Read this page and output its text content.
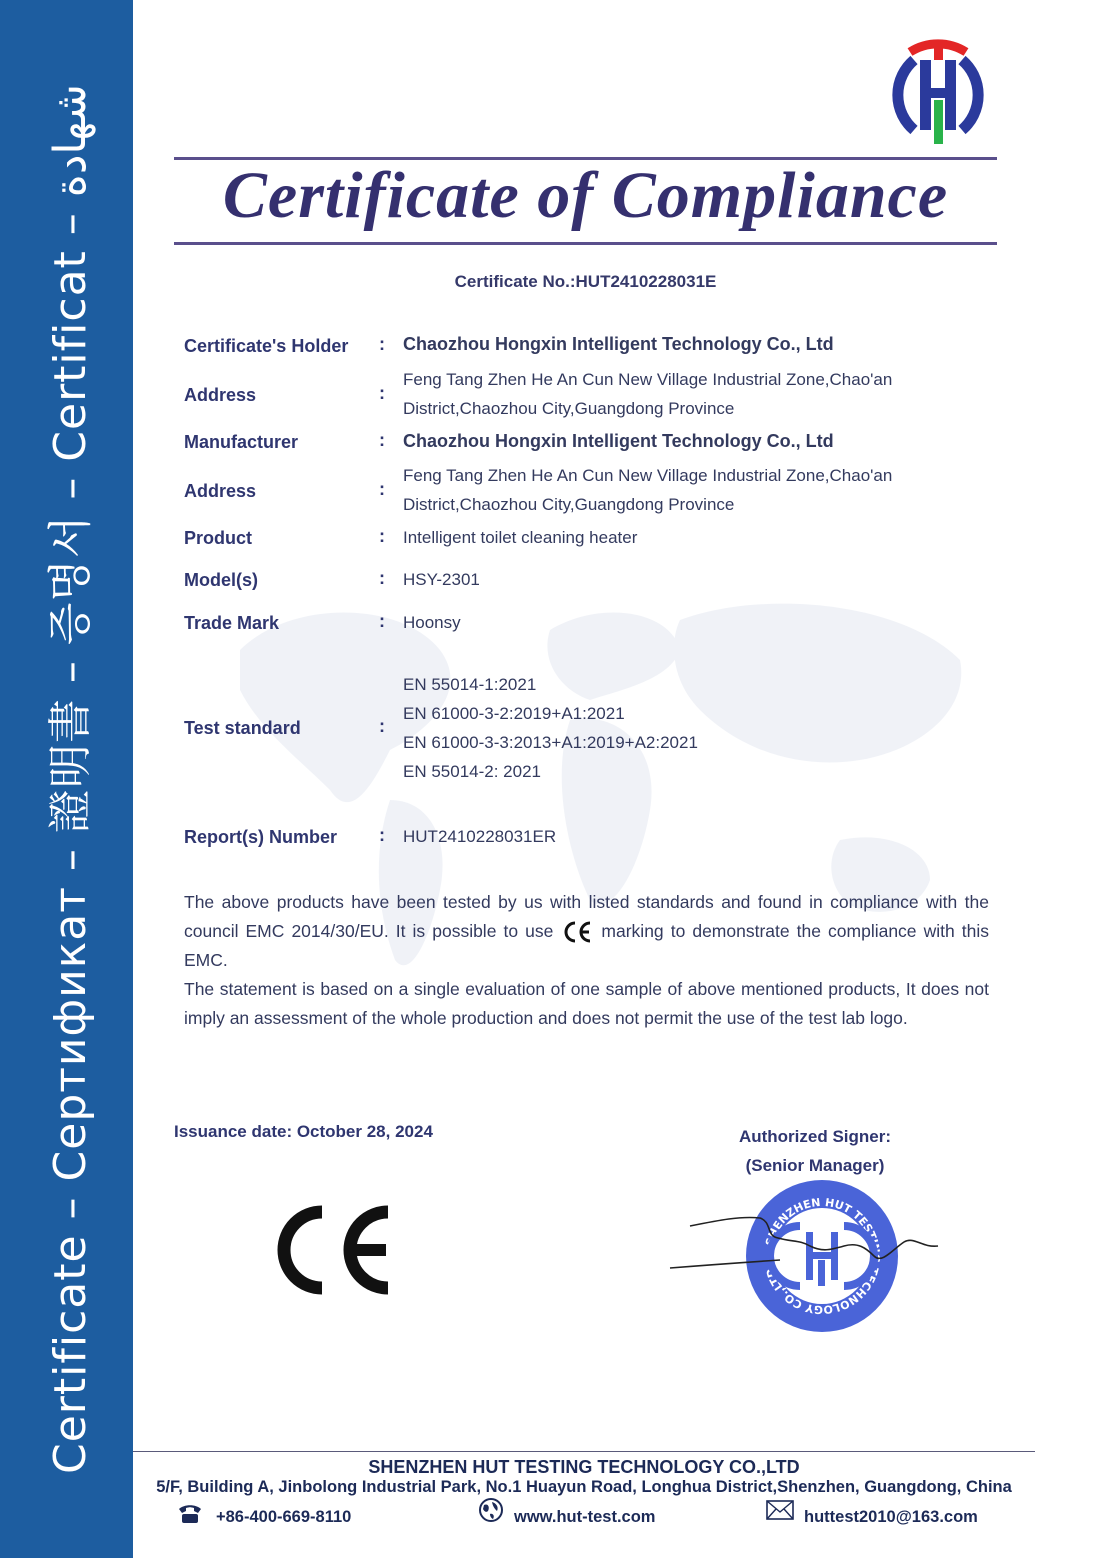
Certificate – Сертификат – 證明書 – 증명서 – Certificat – شهادة	Certificate of Compliance
Certificate No.:HUT2410228031E
Certificate's Holder : Chaozhou Hongxin Intelligent Technology Co., Ltd
Address	:
Feng Tang Zhen He An Cun New Village Industrial Zone,Chao'an
District,Chaozhou City,Guangdong Province
Manufacturer	: Chaozhou Hongxin Intelligent Technology Co., Ltd
Address	:
Feng Tang Zhen He An Cun New Village Industrial Zone,Chao'an
District,Chaozhou City,Guangdong Province
Product	: Intelligent toilet cleaning heater
Model(s)	: HSY-2301
Trade Mark	: Hoonsy
Test standard	:
EN 55014-1:2021
EN 61000-3-2:2019+A1:2021
EN 61000-3-3:2013+A1:2019+A2:2021
EN 55014-2: 2021
Report(s) Number : HUT2410228031ER
The above products have been tested by us with listed standards and found in compliance with the council EMC 2014/30/EU. It is possible to use	marking to demonstrate the compliance with this EMC.
The statement is based on a single evaluation of one sample of above mentioned products, It does not imply an assessment of the whole production and does not permit the use of the test lab logo.
Issuance date: October 28, 2024	Authorized Signer:
(Senior Manager)
SHENZHEN HUT TESTING TECHNOLOGY CO.,LTD
SHENZHEN HUT TESTING TECHNOLOGY CO.,LTD
5/F, Building A, Jinbolong Industrial Park, No.1 Huayun Road, Longhua District,Shenzhen, Guangdong, China
+86-400-669-8110	www.hut-test.com	huttest2010@163.com
